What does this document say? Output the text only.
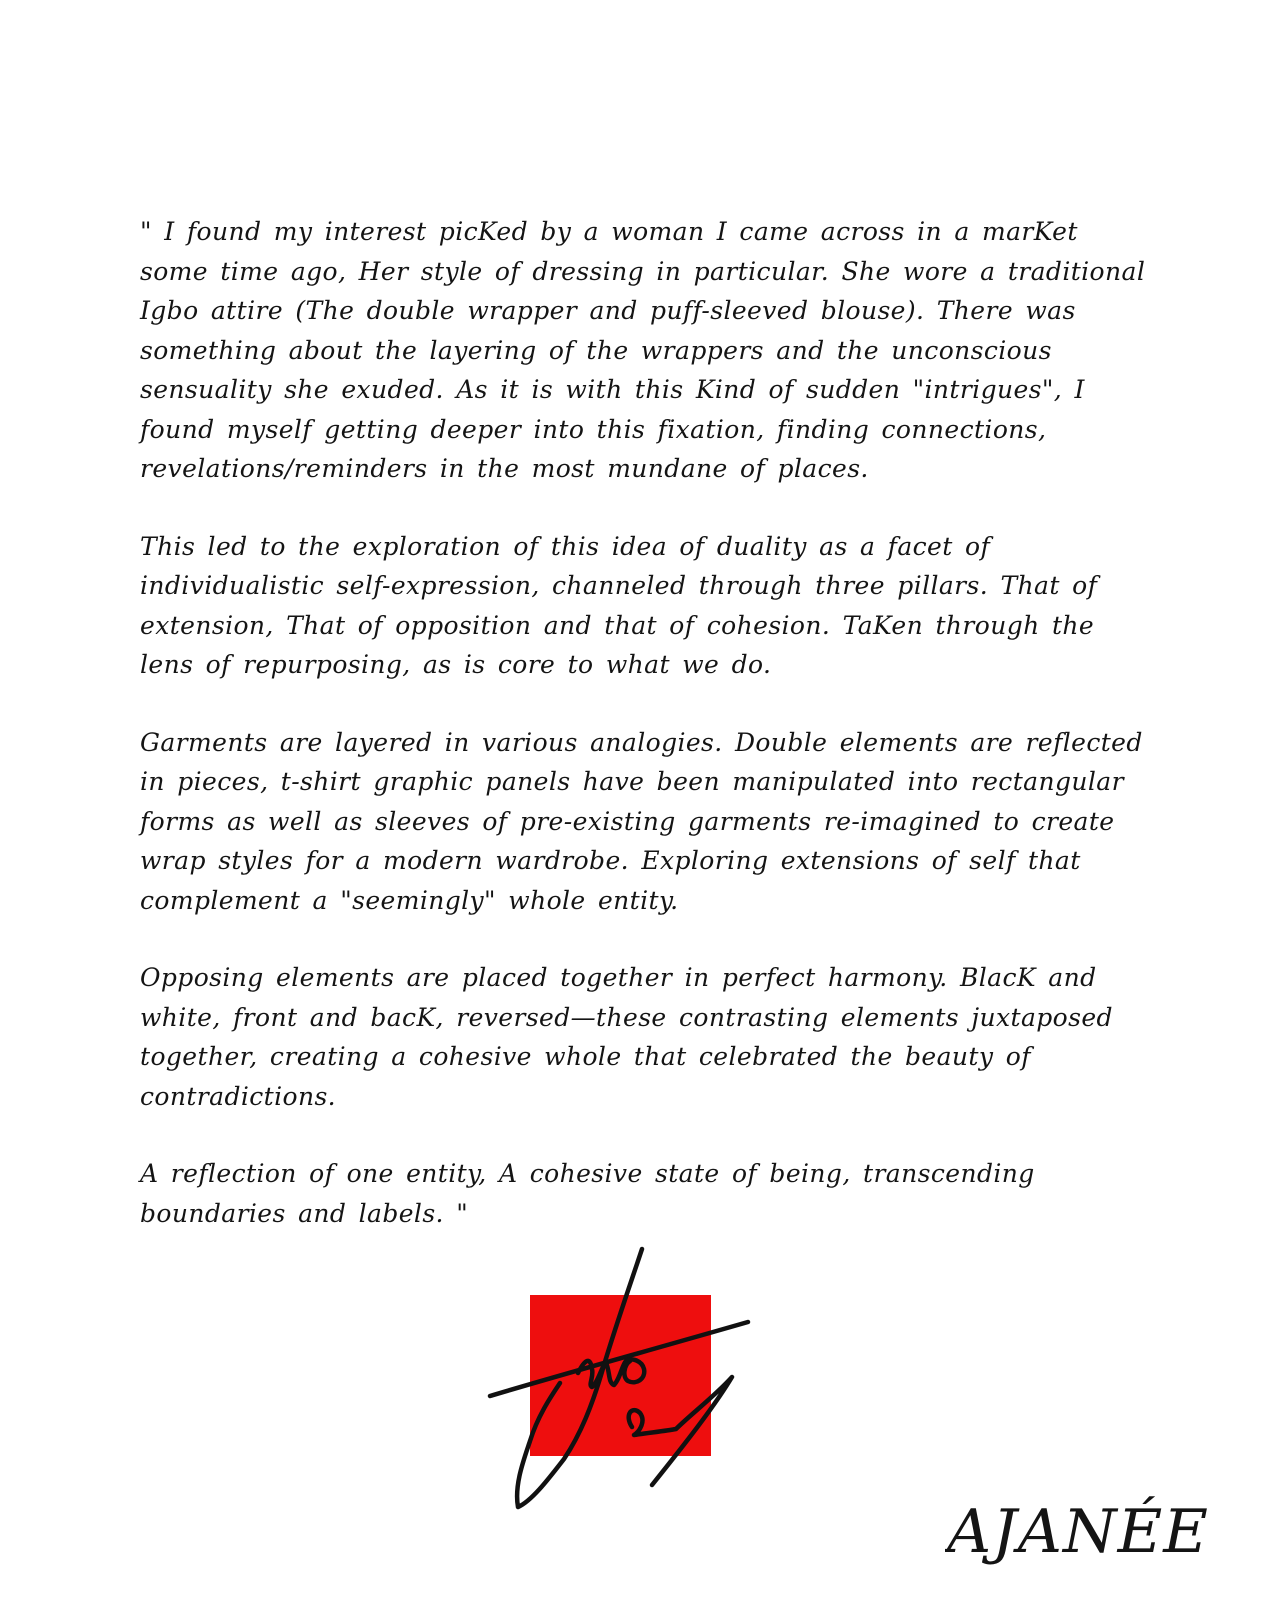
" I found my interest picKed by a woman I came across in a marKet some time ago, Her style of dressing in particular. She wore a traditional Igbo attire (The double wrapper and puff-sleeved blouse). There was something about the layering of the wrappers and the unconscious sensuality she exuded. As it is with this Kind of sudden "intrigues", I found myself getting deeper into this fixation, finding connections, revelations/reminders in the most mundane of places.

This led to the exploration of this idea of duality as a facet of individualistic self-expression, channeled through three pillars. That of extension, That of opposition and that of cohesion. TaKen through the lens of repurposing, as is core to what we do.

Garments are layered in various analogies. Double elements are reflected in pieces, t-shirt graphic panels have been manipulated into rectangular forms as well as sleeves of pre-existing garments re-imagined to create wrap styles for a modern wardrobe. Exploring extensions of self that complement a "seemingly" whole entity.

Opposing elements are placed together in perfect harmony. BlacK and white, front and bacK, reversed—these contrasting elements juxtaposed together, creating a cohesive whole that celebrated the beauty of contradictions.

A reflection of one entity, A cohesive state of being, transcending boundaries and labels. "

AJANÉE
